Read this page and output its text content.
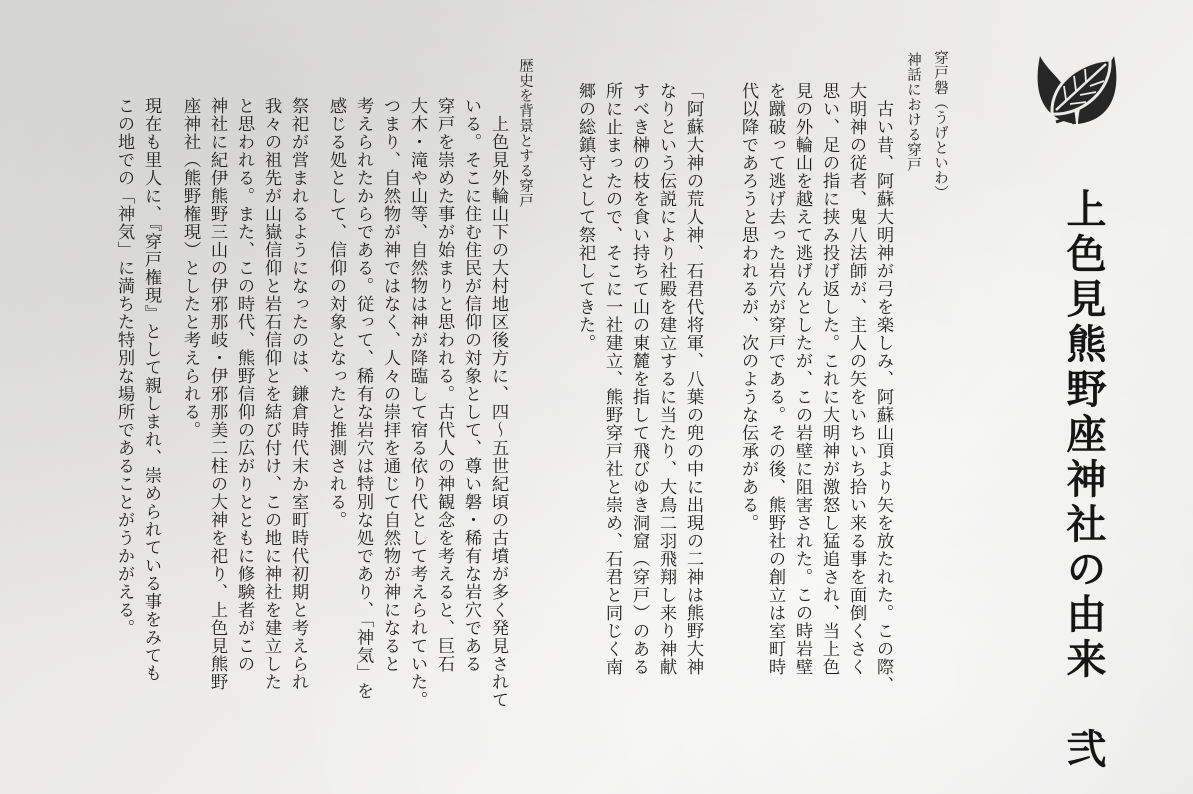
上色見熊野座神社の由来　弐
穿戸磐（うげといわ）
神話における穿戸

古い昔、阿蘇大明神が弓を楽しみ、阿蘇山頂より矢を放たれた。この際、

大明神の従者、鬼八法師が、主人の矢をいちいち拾い来る事を面倒くさく

思い、足の指に挟み投げ返した。これに大明神が激怒し猛追され、当上色

見の外輪山を越えて逃げんとしたが、この岩壁に阻害された。この時岩壁

を蹴破って逃げ去った岩穴が穿戸である。その後、熊野社の創立は室町時

代以降であろうと思われるが、次のような伝承がある。

「阿蘇大神の荒人神、石君代将軍、八葉の兜の中に出現の二神は熊野大神

なりという伝説により社殿を建立するに当たり、大鳥二羽飛翔し来り神献

すべき榊の枝を食い持ちて山の東麓を指して飛びゆき洞窟（穿戸）のある

所に止まったので、そこに一社建立、熊野穿戸社と崇め、石君と同じく南

郷の総鎮守として祭祀してきた。

歴史を背景とする穿戸

上色見外輪山下の大村地区後方に、四～五世紀頃の古墳が多く発見されて

いる。そこに住む住民が信仰の対象として、尊い磐・稀有な岩穴である

穿戸を崇めた事が始まりと思われる。古代人の神観念を考えると、巨石

大木・滝や山等、自然物は神が降臨して宿る依り代として考えられていた。

つまり、自然物が神ではなく、人々の崇拝を通じて自然物が神になると

考えられたからである。従って、稀有な岩穴は特別な処であり、「神気」を

感じる処として、信仰の対象となったと推測される。

祭祀が営まれるようになったのは、鎌倉時代末か室町時代初期と考えられ

我々の祖先が山嶽信仰と岩石信仰とを結び付け、この地に神社を建立した

と思われる。また、この時代、熊野信仰の広がりとともに修験者がこの

神社に紀伊熊野三山の伊邪那岐・伊邪那美二柱の大神を祀り、上色見熊野

座神社（熊野権現）としたと考えられる。

現在も里人に、『穿戸権現』として親しまれ、崇められている事をみても

この地での「神気」に満ちた特別な場所であることがうかがえる。
